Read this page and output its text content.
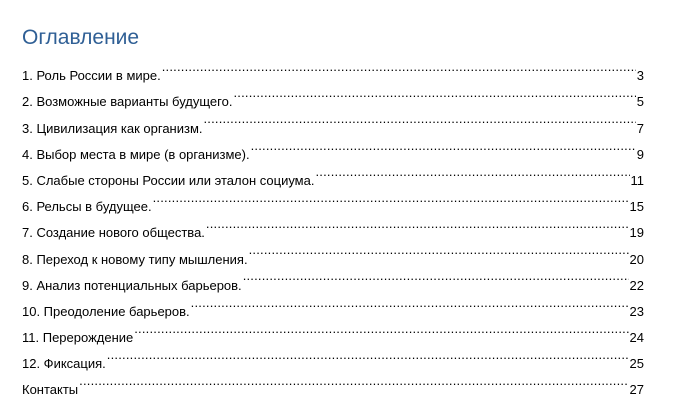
Оглавление
1. Роль России в мире. .....	3
2. Возможные варианты будущего. .....	5
3. Цивилизация как организм. .....	7
4. Выбор места в мире (в организме). .....	9
5. Слабые стороны России или эталон социума. .....	11
6. Рельсы в будущее. .....	15
7. Создание нового общества. .....	19
8. Переход к новому типу мышления. .....	20
9. Анализ потенциальных барьеров. .....	22
10. Преодоление барьеров. .....	23
11. Перерождение .....	24
12. Фиксация. .....	25
Контакты .....	27
